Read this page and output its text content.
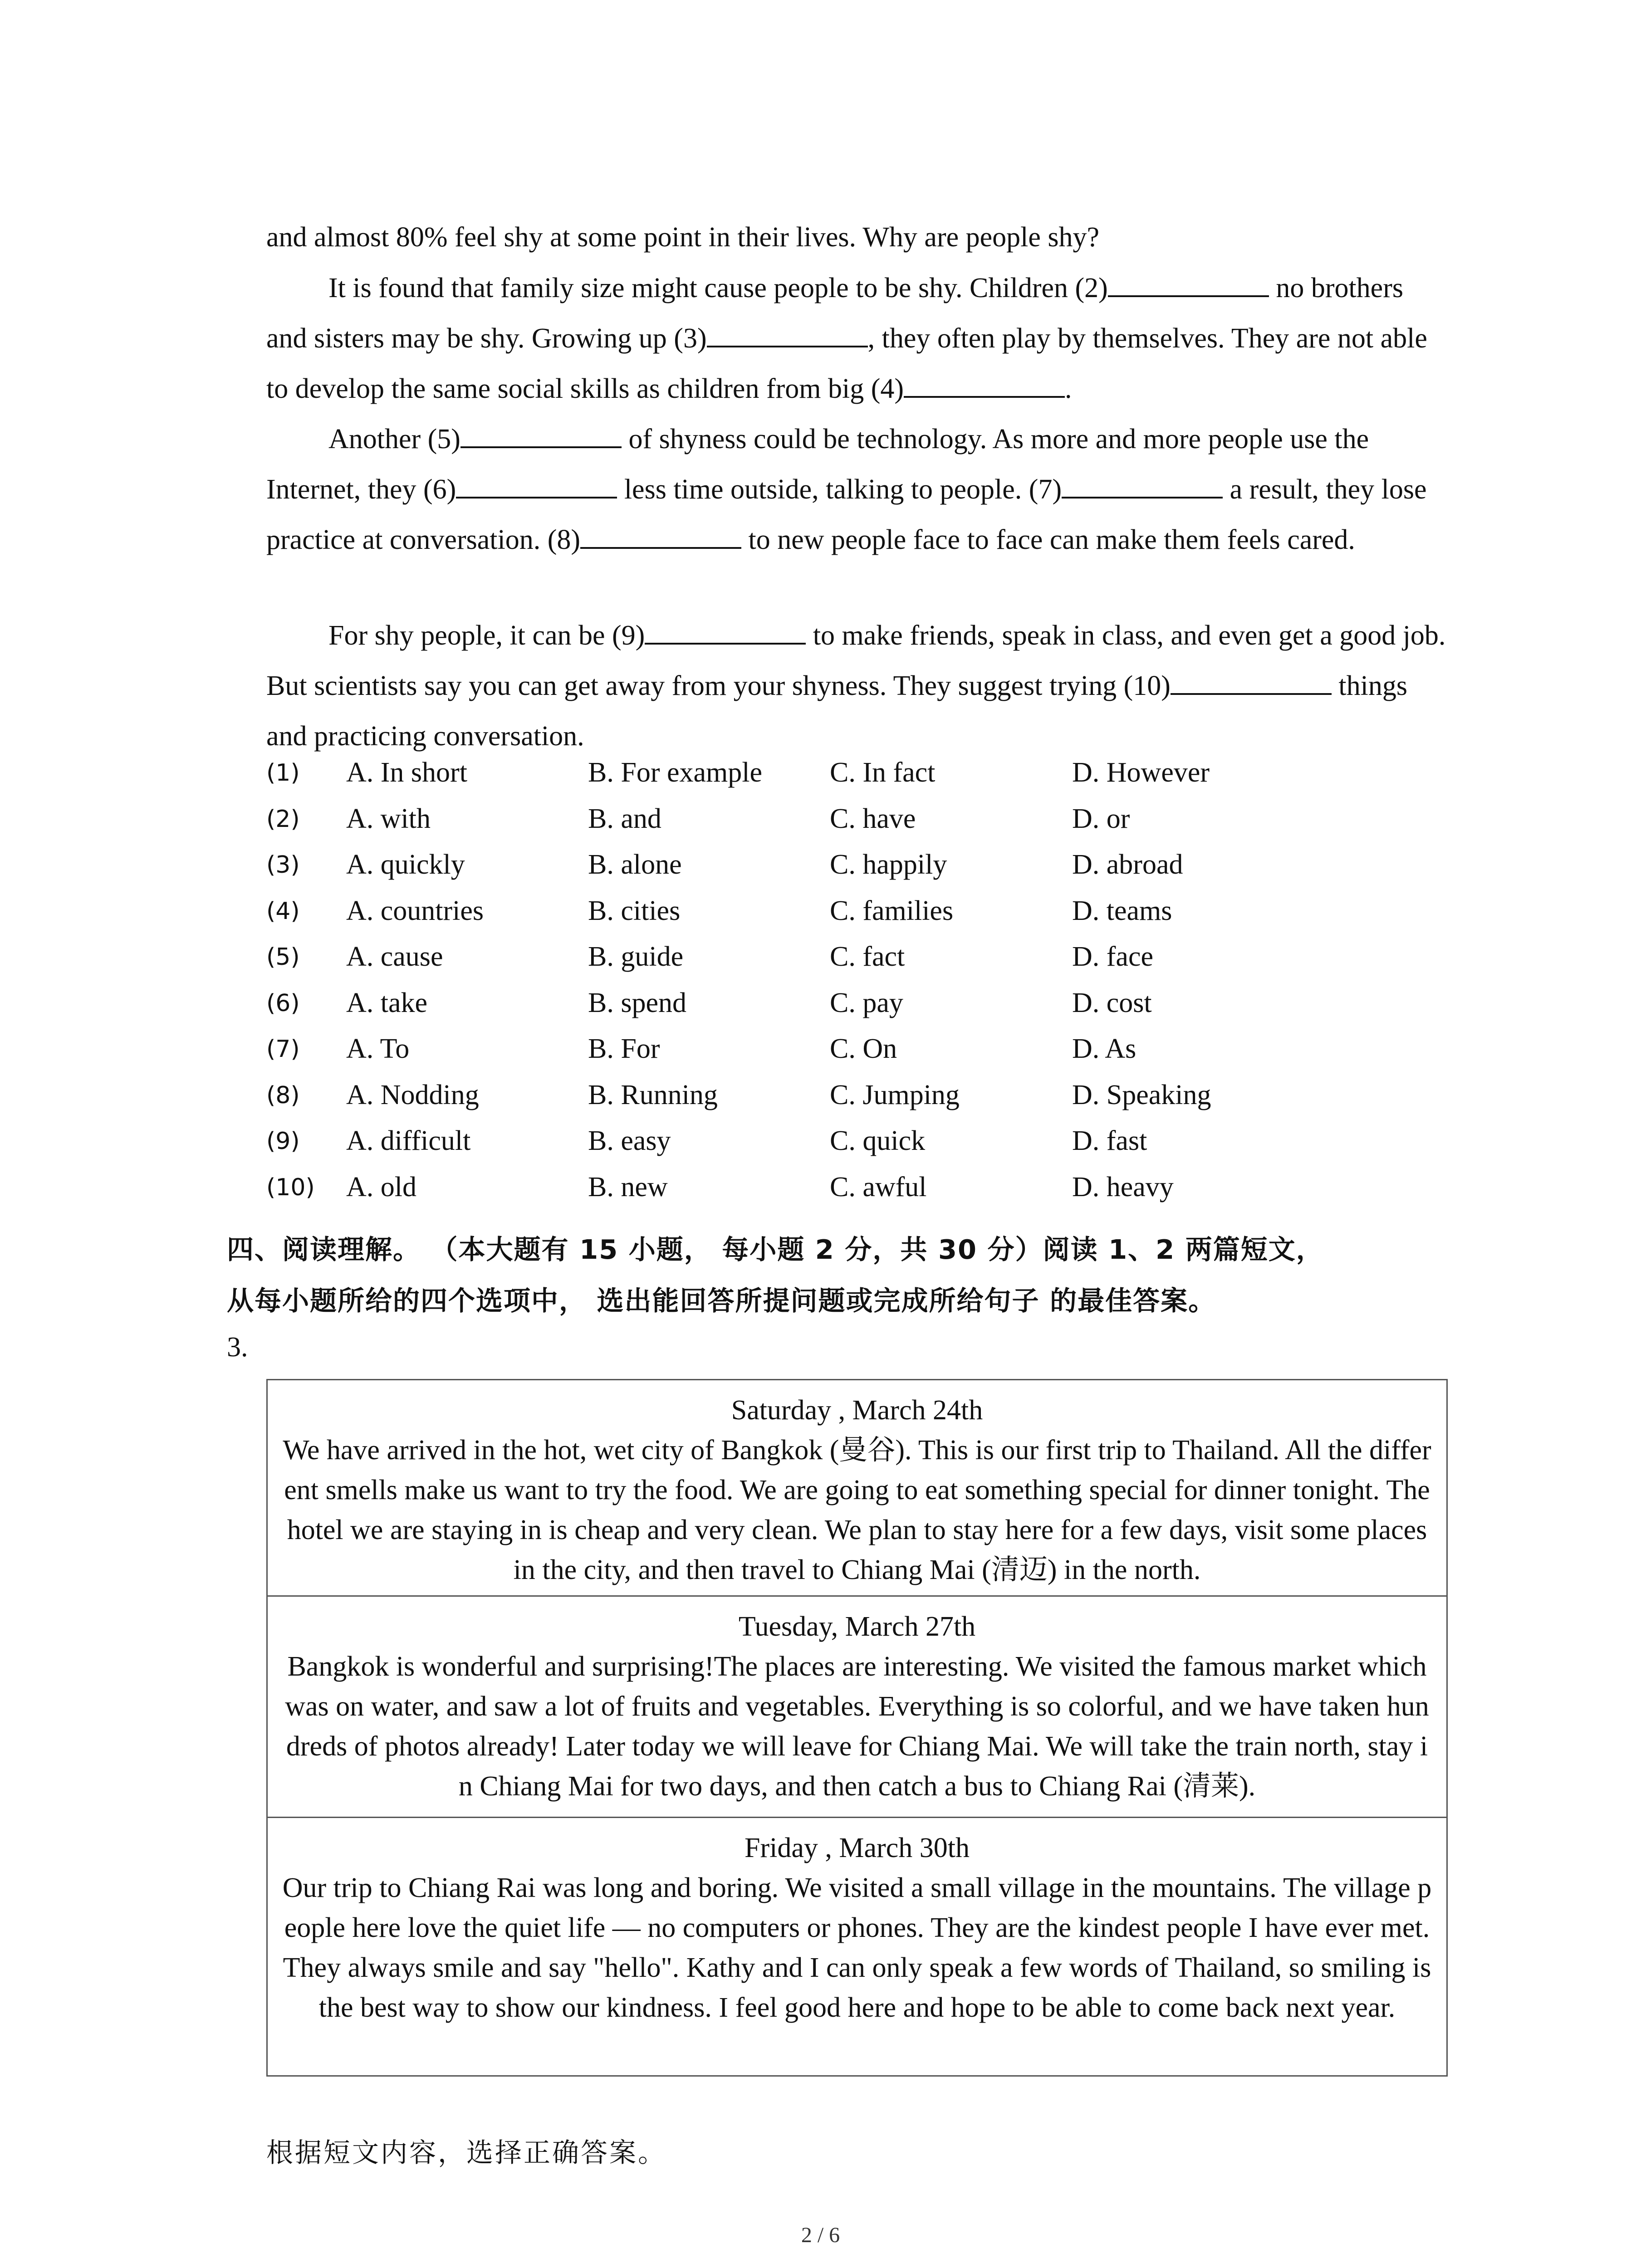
and almost 80% feel shy at some point in their lives. Why are people shy?

It is found that family size might cause people to be shy. Children (2)	no brothers and sisters may be shy. Growing up (3)	, they often play by themselves. They are not able to develop the same social skills as children from big (4)	.

Another (5)	of shyness could be technology. As more and more people use the Internet, they (6)	less time outside, talking to people. (7)	a result, they lose practice at conversation. (8)	to new people face to face can make them feels cared.

For shy people, it can be (9)	to make friends, speak in class, and even get a good job. But scientists say you can get away from your shyness. They suggest trying (10)	things and practicing conversation.

(1) A. In short	B. For example C. In fact	D. However
(2) A. with	B. and	C. have	D. or
(3) A. quickly	B. alone	C. happily	D. abroad
(4) A. countries	B. cities	C. families	D. teams
(5) A. cause	B. guide	C. fact	D. face
(6) A. take	B. spend	C. pay	D. cost
(7) A. To	B. For	C. On	D. As
(8) A. Nodding	B. Running	C. Jumping	D. Speaking
(9) A. difficult	B. easy	C. quick	D. fast
(10) A. old	B. new	C. awful	D. heavy
四、阅读理解。 （本大题有 15 小题， 每小题 2 分，共 30 分）阅读 1、2 两篇短文，
从每小题所给的四个选项中， 选出能回答所提问题或完成所给句子 的最佳答案。
3.
Saturday , March 24th
We have arrived in the hot, wet city of Bangkok (曼谷). This is our first trip to Thailand. All the different smells make us want to try the food. We are going to eat something special for dinner tonight. The hotel we are staying in is cheap and very clean. We plan to stay here for a few days, visit some places in the city, and then travel to Chiang Mai (清迈) in the north.
Tuesday, March 27th
Bangkok is wonderful and surprising!The places are interesting. We visited the famous market which was on water, and saw a lot of fruits and vegetables. Everything is so colorful, and we have taken hundreds of photos already! Later today we will leave for Chiang Mai. We will take the train north, stay in Chiang Mai for two days, and then catch a bus to Chiang Rai (清莱).
Friday , March 30th
Our trip to Chiang Rai was long and boring. We visited a small village in the mountains. The village people here love the quiet life — no computers or phones. They are the kindest people I have ever met. They always smile and say "hello". Kathy and I can only speak a few words of Thailand, so smiling is the best way to show our kindness. I feel good here and hope to be able to come back next year.
根据短文内容，选择正确答案。
2 / 6
